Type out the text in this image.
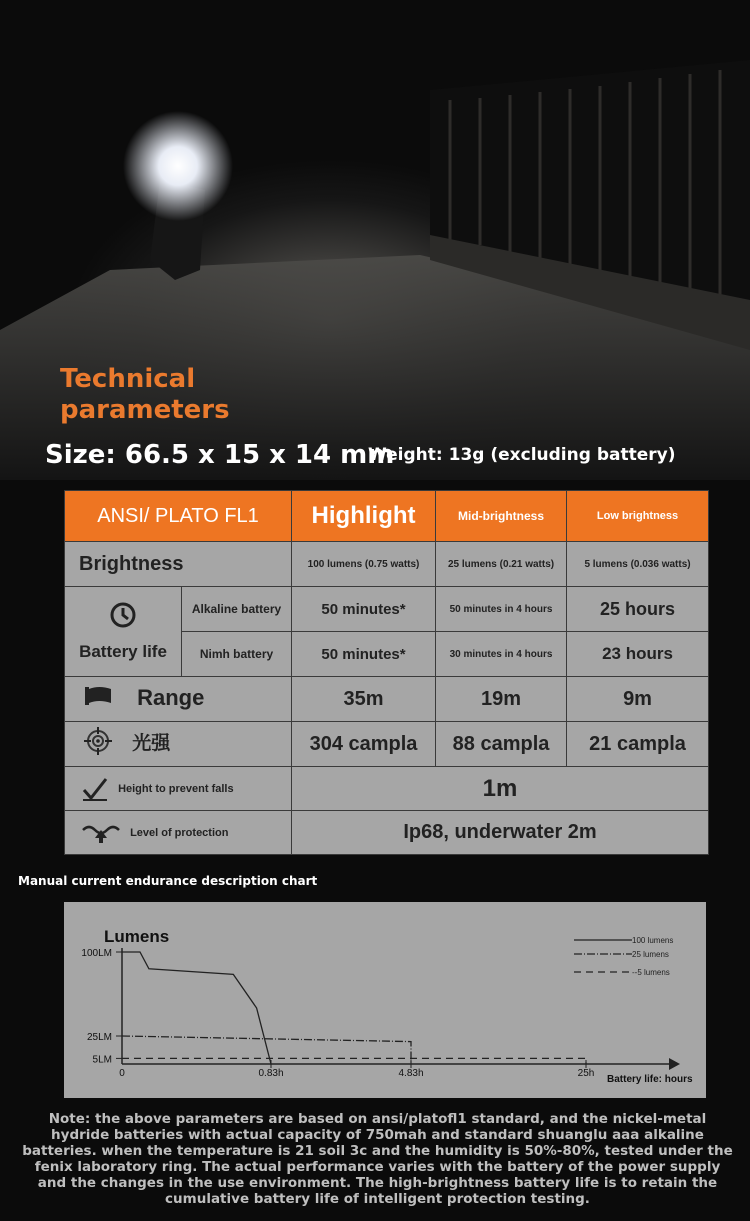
Technical
parameters
Size: 66.5 x 15 x 14 mm
Weight: 13g (excluding battery)
ANSI/ PLATO FL1		Highlight	Mid-brightness	Low brightness
Brightness		100 lumens (0.75 watts)	25 lumens (0.21 watts)	5 lumens (0.036 watts)

Battery life	Alkaline battery	50 minutes*	50 minutes in 4 hours	25 hours
	Nimh battery	50 minutes*	30 minutes in 4 hours	23 hours
Range		35m	19m	9m
光强		304 campla	88 campla	21 campla
Height to prevent falls		1m		
Level of protection		Ip68, underwater 2m		
Manual current endurance description chart
Lumens
Battery life: hours
100LM
25LM
5LM
0	0.83h	4.83h	25h
100 lumens
25 lumens
--5 lumens
Note: the above parameters are based on ansi/platofl1 standard, and the nickel-metal hydride batteries with actual capacity of 750mah and standard shuanglu aaa alkaline batteries. when the temperature is 21 soil 3c and the humidity is 50%-80%, tested under the fenix laboratory ring. The actual performance varies with the battery of the power supply and the changes in the use environment. The high-brightness battery life is to retain the cumulative battery life of intelligent protection testing.
